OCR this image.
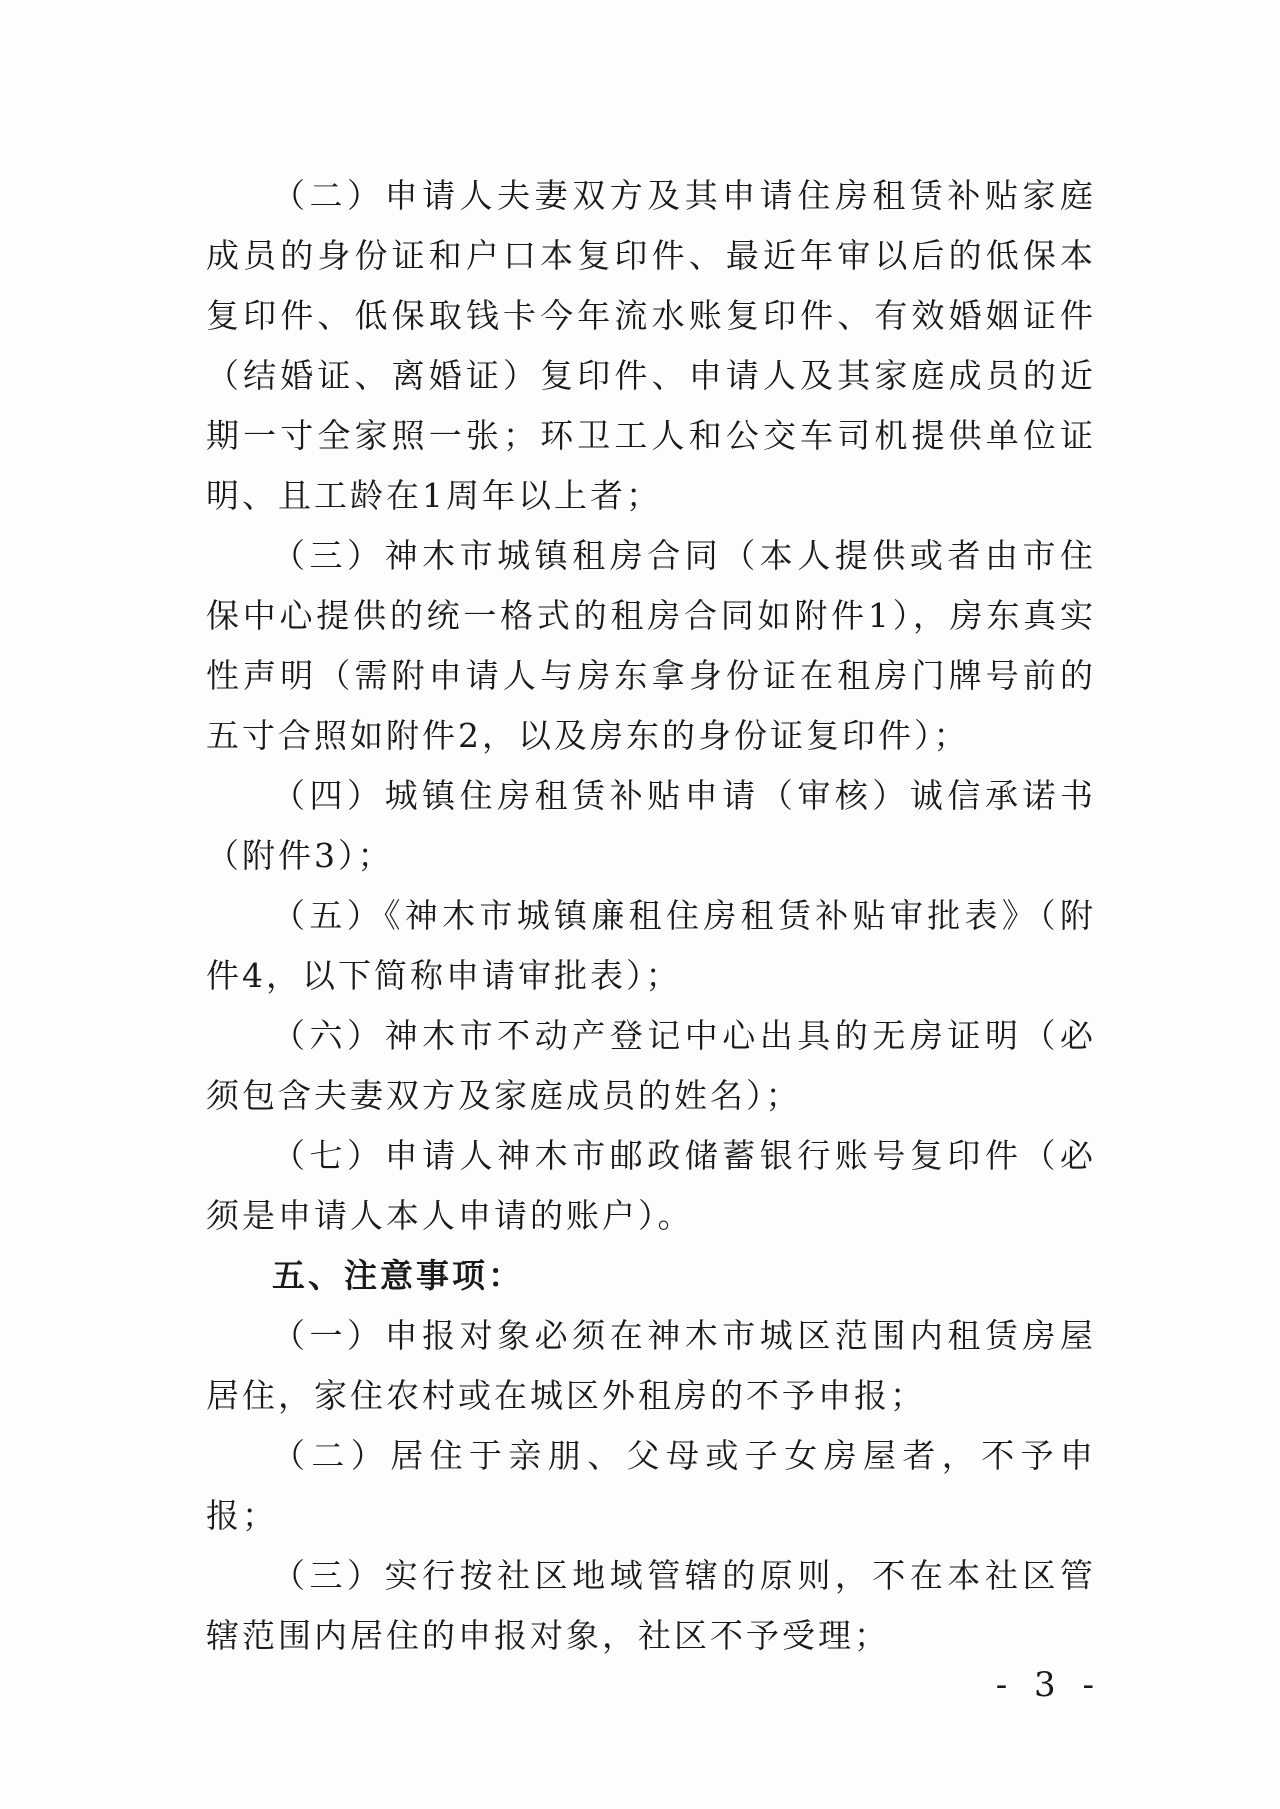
（二）申请人夫妻双方及其申请住房租赁补贴家庭成员的身份证和户口本复印件、最近年审以后的低保本复印件、低保取钱卡今年流水账复印件、有效婚姻证件（结婚证、离婚证）复印件、申请人及其家庭成员的近期一寸全家照一张；环卫工人和公交车司机提供单位证明、且工龄在1周年以上者；

（三）神木市城镇租房合同（本人提供或者由市住保中心提供的统一格式的租房合同如附件1），房东真实性声明（需附申请人与房东拿身份证在租房门牌号前的五寸合照如附件2，以及房东的身份证复印件）；

（四）城镇住房租赁补贴申请（审核）诚信承诺书（附件3）；

（五）《神木市城镇廉租住房租赁补贴审批表》（附件4，以下简称申请审批表）；

（六）神木市不动产登记中心出具的无房证明（必须包含夫妻双方及家庭成员的姓名）；

（七）申请人神木市邮政储蓄银行账号复印件（必须是申请人本人申请的账户）。

五、注意事项：

（一）申报对象必须在神木市城区范围内租赁房屋居住，家住农村或在城区外租房的不予申报；

（二）居住于亲朋、父母或子女房屋者，不予申报；

（三）实行按社区地域管辖的原则，不在本社区管辖范围内居住的申报对象，社区不予受理；

- 3 -
